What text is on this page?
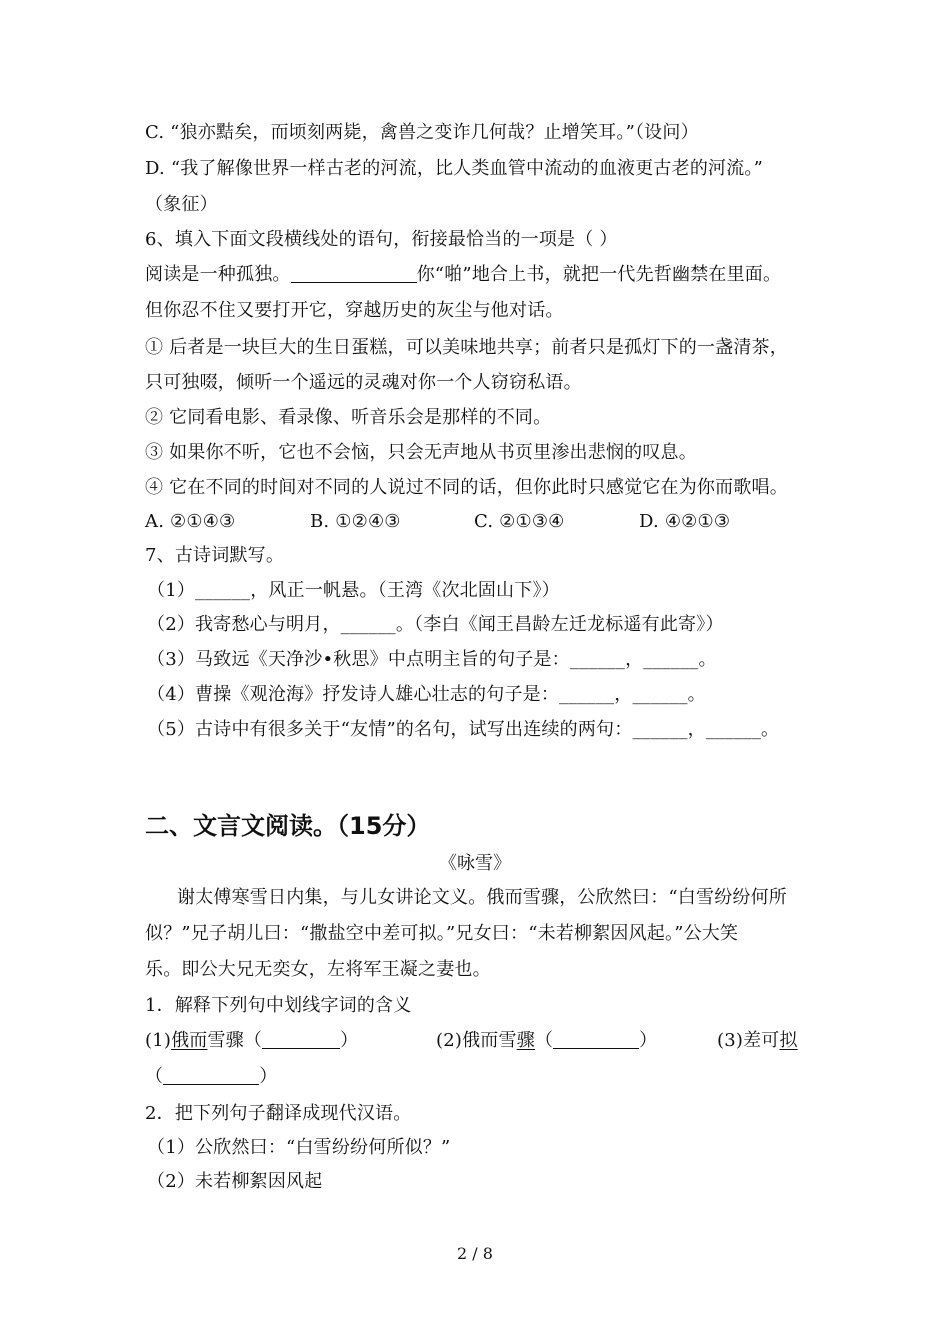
C. “狼亦黠矣，而顷刻两毙，禽兽之变诈几何哉？止增笑耳。”（设问）
D. “我了解像世界一样古老的河流，比人类血管中流动的血液更古老的河流。”
（象征）
6、填入下面文段横线处的语句，衔接最恰当的一项是（ ）
阅读是一种孤独。	你“啪”地合上书，就把一代先哲幽禁在里面。
但你忍不住又要打开它，穿越历史的灰尘与他对话。
① 后者是一块巨大的生日蛋糕，可以美味地共享；前者只是孤灯下的一盏清茶，
只可独啜，倾听一个遥远的灵魂对你一个人窃窃私语。
② 它同看电影、看录像、听音乐会是那样的不同。
③ 如果你不听，它也不会恼，只会无声地从书页里渗出悲悯的叹息。
④ 它在不同的时间对不同的人说过不同的话，但你此时只感觉它在为你而歌唱。
A. ②①④③	B. ①②④③	C. ②①③④	D. ④②①③
7、古诗词默写。
（1）______，风正一帆悬。（王湾《次北固山下》）
（2）我寄愁心与明月，______。（李白《闻王昌龄左迁龙标遥有此寄》）
（3）马致远《天净沙•秋思》中点明主旨的句子是：______，______。
（4）曹操《观沧海》抒发诗人雄心壮志的句子是：______，______。
（5）古诗中有很多关于“友情”的名句，试写出连续的两句：______，______。
二、文言文阅读。（15分）
《咏雪》
谢太傅寒雪日内集，与儿女讲论文义。俄而雪骤，公欣然曰：“白雪纷纷何所
似？”兄子胡儿曰：“撒盐空中差可拟。”兄女曰：“未若柳絮因风起。”公大笑
乐。即公大兄无奕女，左将军王凝之妻也。
1．解释下列句中划线字词的含义
(1)俄而雪骤（	）	(2)俄而雪骤（	）	(3)差可拟
（	）
2．把下列句子翻译成现代汉语。
（1）公欣然曰：“白雪纷纷何所似？”
（2）未若柳絮因风起
2 / 8
